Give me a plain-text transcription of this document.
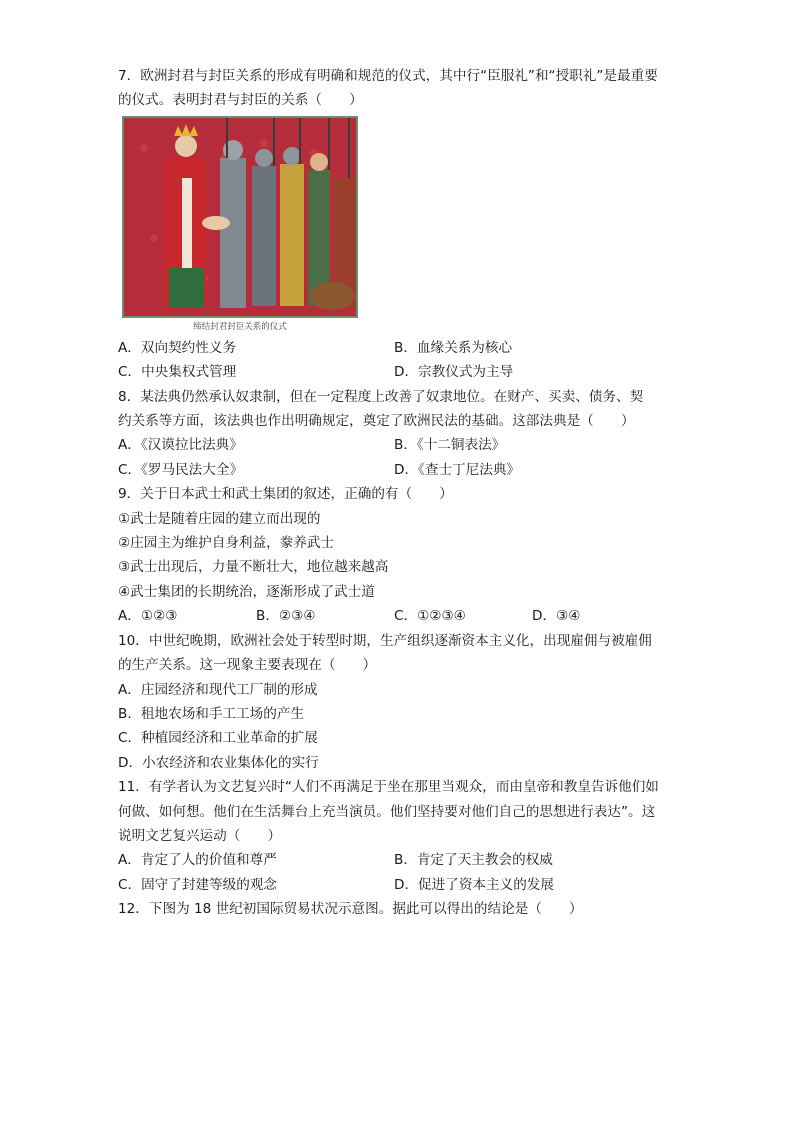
7．欧洲封君与封臣关系的形成有明确和规范的仪式，其中行“臣服礼”和“授职礼”是最重要
的仪式。表明封君与封臣的关系（　　）
缔结封君封臣关系的仪式
A．双向契约性义务	B．血缘关系为核心
C．中央集权式管理	D．宗教仪式为主导
8．某法典仍然承认奴隶制，但在一定程度上改善了奴隶地位。在财产、买卖、债务、契
约关系等方面，该法典也作出明确规定，奠定了欧洲民法的基础。这部法典是（　　）
A．《汉谟拉比法典》	B．《十二铜表法》
C．《罗马民法大全》	D．《查士丁尼法典》
9．关于日本武士和武士集团的叙述，正确的有（　　）
①武士是随着庄园的建立而出现的
②庄园主为维护自身利益，豢养武士
③武士出现后，力量不断壮大，地位越来越高
④武士集团的长期统治，逐渐形成了武士道
A．①②③	B．②③④	C．①②③④	D．③④
10．中世纪晚期，欧洲社会处于转型时期，生产组织逐渐资本主义化，出现雇佣与被雇佣
的生产关系。这一现象主要表现在（　　）
A．庄园经济和现代工厂制的形成
B．租地农场和手工工场的产生
C．种植园经济和工业革命的扩展
D．小农经济和农业集体化的实行
11．有学者认为文艺复兴时“人们不再满足于坐在那里当观众，而由皇帝和教皇告诉他们如
何做、如何想。他们在生活舞台上充当演员。他们坚持要对他们自己的思想进行表达”。这
说明文艺复兴运动（　　）
A．肯定了人的价值和尊严	B．肯定了天主教会的权威
C．固守了封建等级的观念	D．促进了资本主义的发展
12．下图为 18 世纪初国际贸易状况示意图。据此可以得出的结论是（　　）
